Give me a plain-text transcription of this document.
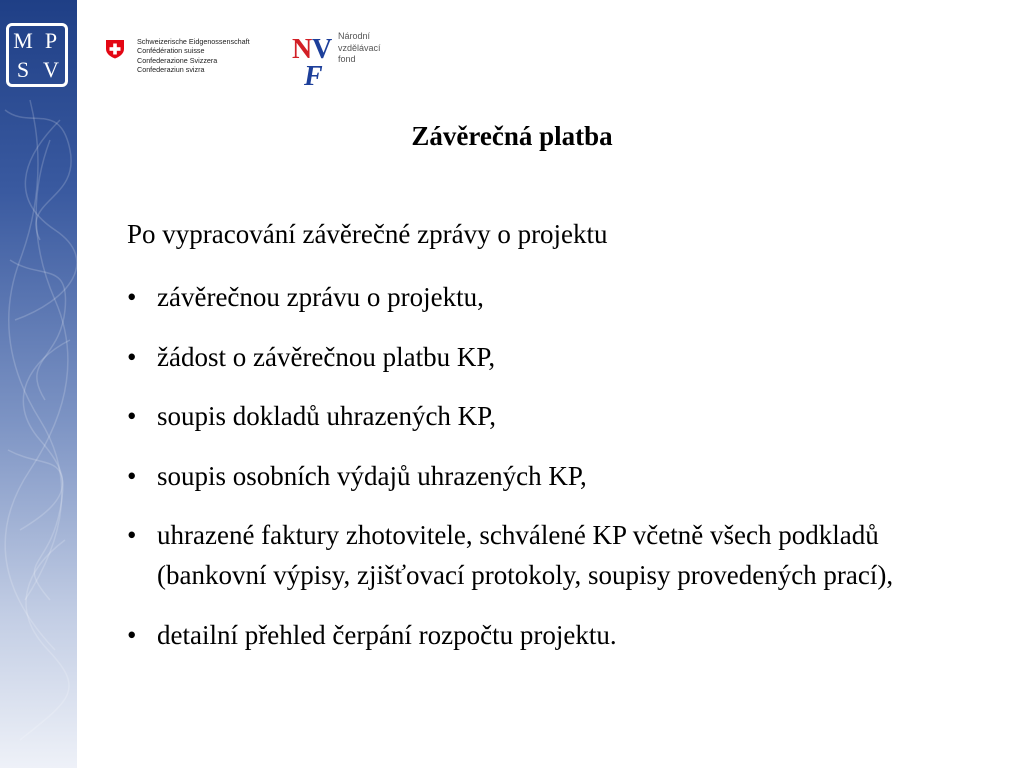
M P
S V
Schweizerische Eidgenossenschaft
Confédération suisse
Confederazione Svizzera
Confederaziun svizra
N V
F
Národní
vzdělávací
fond
Závěrečná platba
Po vypracování závěrečné zprávy o projektu
• závěrečnou zprávu o projektu,
• žádost o závěrečnou platbu KP,
• soupis dokladů uhrazených KP,
• soupis osobních výdajů uhrazených KP,
• uhrazené faktury zhotovitele, schválené KP včetně všech podkladů (bankovní výpisy, zjišťovací protokoly, soupisy provedených prací),
• detailní přehled čerpání rozpočtu projektu.
